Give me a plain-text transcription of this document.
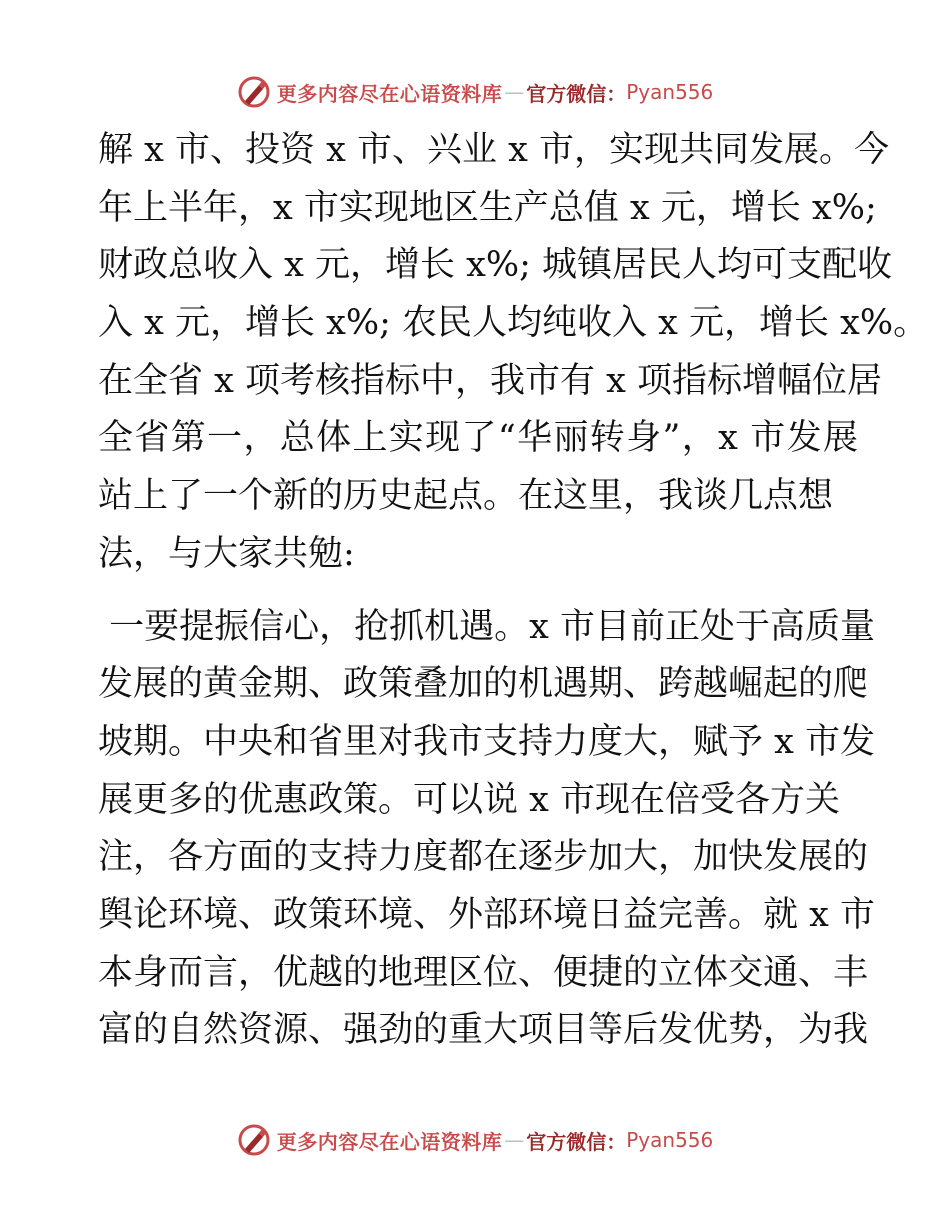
更多内容尽在心语资料库 — 官方微信： Pyan556
解 x 市、投资 x 市、兴业 x 市，实现共同发展。今
年上半年，x 市实现地区生产总值 x 元，增长 x%;
财政总收入 x 元，增长 x%; 城镇居民人均可支配收
入 x 元，增长 x%; 农民人均纯收入 x 元，增长 x%。
在全省 x 项考核指标中，我市有 x 项指标增幅位居
全省第一，总体上实现了“华丽转身”，x 市发展
站上了一个新的历史起点。在这里，我谈几点想
法，与大家共勉:
一要提振信心，抢抓机遇。x 市目前正处于高质量
发展的黄金期、政策叠加的机遇期、跨越崛起的爬
坡期。中央和省里对我市支持力度大，赋予 x 市发
展更多的优惠政策。可以说 x 市现在倍受各方关
注，各方面的支持力度都在逐步加大，加快发展的
舆论环境、政策环境、外部环境日益完善。就 x 市
本身而言，优越的地理区位、便捷的立体交通、丰
富的自然资源、强劲的重大项目等后发优势，为我
更多内容尽在心语资料库 — 官方微信： Pyan556
